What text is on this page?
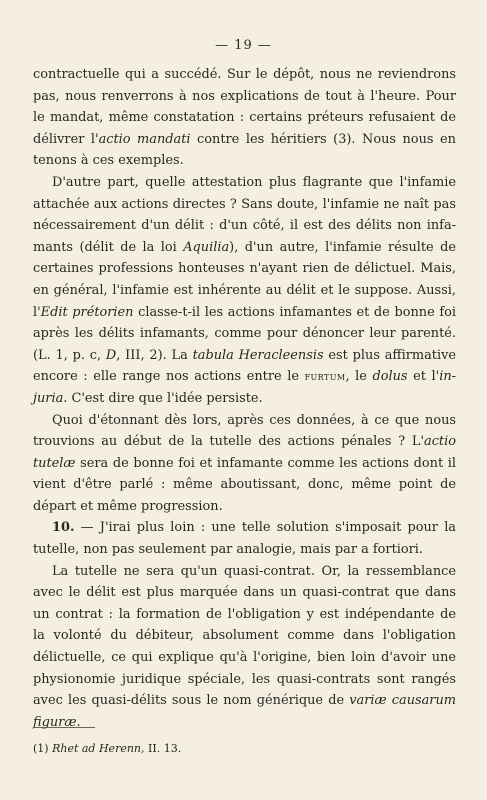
— 19 —
contractuelle qui a succédé. Sur le dépôt, nous ne reviendrons
pas, nous renverrons à nos explications de tout à l'heure. Pour
le mandat, même constatation : certains préteurs refusaient de
délivrer l'actio mandati contre les héritiers (3). Nous nous en
tenons à ces exemples.
D'autre part, quelle attestation plus flagrante que l'infamie
attachée aux actions directes ? Sans doute, l'infamie ne naît pas
nécessairement d'un délit : d'un côté, il est des délits non infa-
mants (délit de la loi Aquilia), d'un autre, l'infamie résulte de
certaines professions honteuses n'ayant rien de délictuel. Mais,
en général, l'infamie est inhérente au délit et le suppose. Aussi,
l'Edit prétorien classe-t-il les actions infamantes et de bonne foi
après les délits infamants, comme pour dénoncer leur parenté.
(L. 1, p. c, D, III, 2). La tabula Heracleensis est plus affirmative
encore : elle range nos actions entre le furtum, le dolus et l'in-
juria. C'est dire que l'idée persiste.
Quoi d'étonnant dès lors, après ces données, à ce que nous
trouvions au début de la tutelle des actions pénales ? L'actio
tutelæ sera de bonne foi et infamante comme les actions dont il
vient d'être parlé : même aboutissant, donc, même point de
départ et même progression.
10. — J'irai plus loin : une telle solution s'imposait pour la
tutelle, non pas seulement par analogie, mais par a fortiori.
La tutelle ne sera qu'un quasi-contrat. Or, la ressemblance
avec le délit est plus marquée dans un quasi-contrat que dans
un contrat : la formation de l'obligation y est indépendante de
la volonté du débiteur, absolument comme dans l'obligation
délictuelle, ce qui explique qu'à l'origine, bien loin d'avoir une
physionomie juridique spéciale, les quasi-contrats sont rangés
avec les quasi-délits sous le nom générique de variæ causarum
figuræ.
(1) Rhet ad Herenn, II. 13.
